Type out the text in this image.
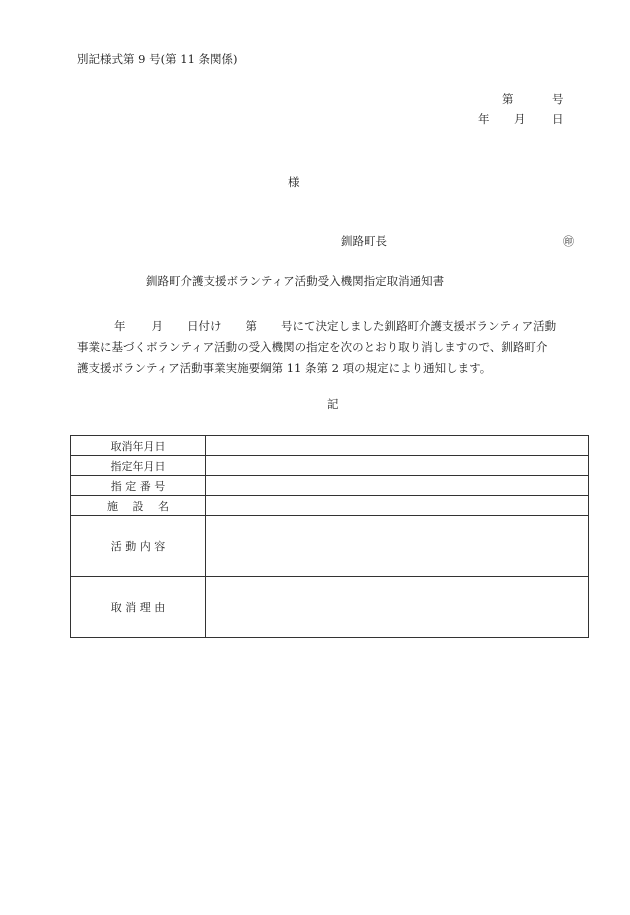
別記様式第 9 号(第 11 条関係)
第	号
年 月 日
様
釧路町長	㊞
釧路町介護支援ボランティア活動受入機関指定取消通知書
年 月 日付け 第 号にて決定しました釧路町介護支援ボランティア活動
事業に基づくボランティア活動の受入機関の指定を次のとおり取り消しますので、釧路町介
護支援ボランティア活動事業実施要綱第 11 条第 2 項の規定により通知します。
記
取消年月日	
指定年月日	
指 定 番 号	
施　 設　 名	
活 動 内 容	
取 消 理 由	
